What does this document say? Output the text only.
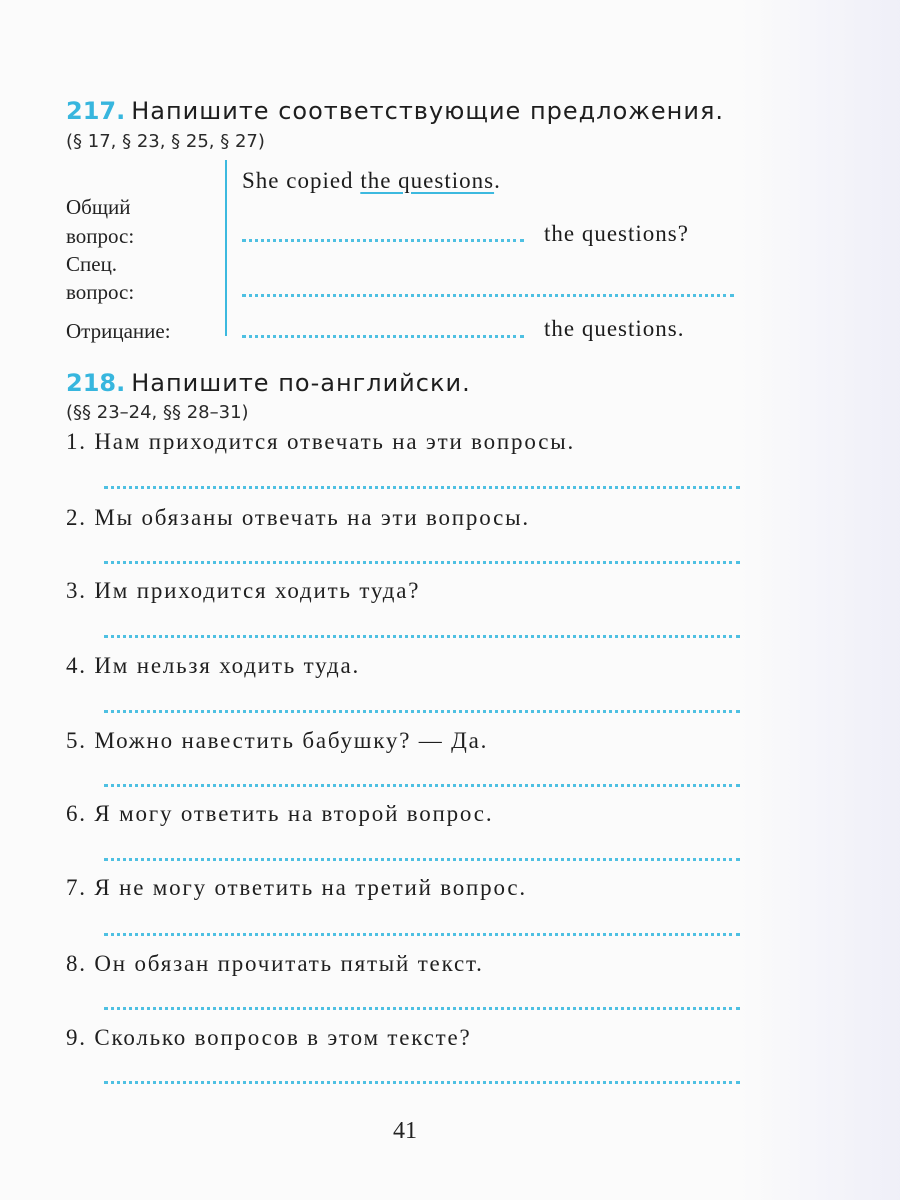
217. Напишите соответствующие предложения.
(§ 17, § 23, § 25, § 27)
Общий
вопрос:
Спец.
вопрос:
Отрицание:
She copied the questions.
the questions?
the questions.
218. Напишите по-английски.
(§§ 23–24, §§ 28–31)
1. Нам приходится отвечать на эти вопросы.
2. Мы обязаны отвечать на эти вопросы.
3. Им приходится ходить туда?
4. Им нельзя ходить туда.
5. Можно навестить бабушку? — Да.
6. Я могу ответить на второй вопрос.
7. Я не могу ответить на третий вопрос.
8. Он обязан прочитать пятый текст.
9. Сколько вопросов в этом тексте?
41
